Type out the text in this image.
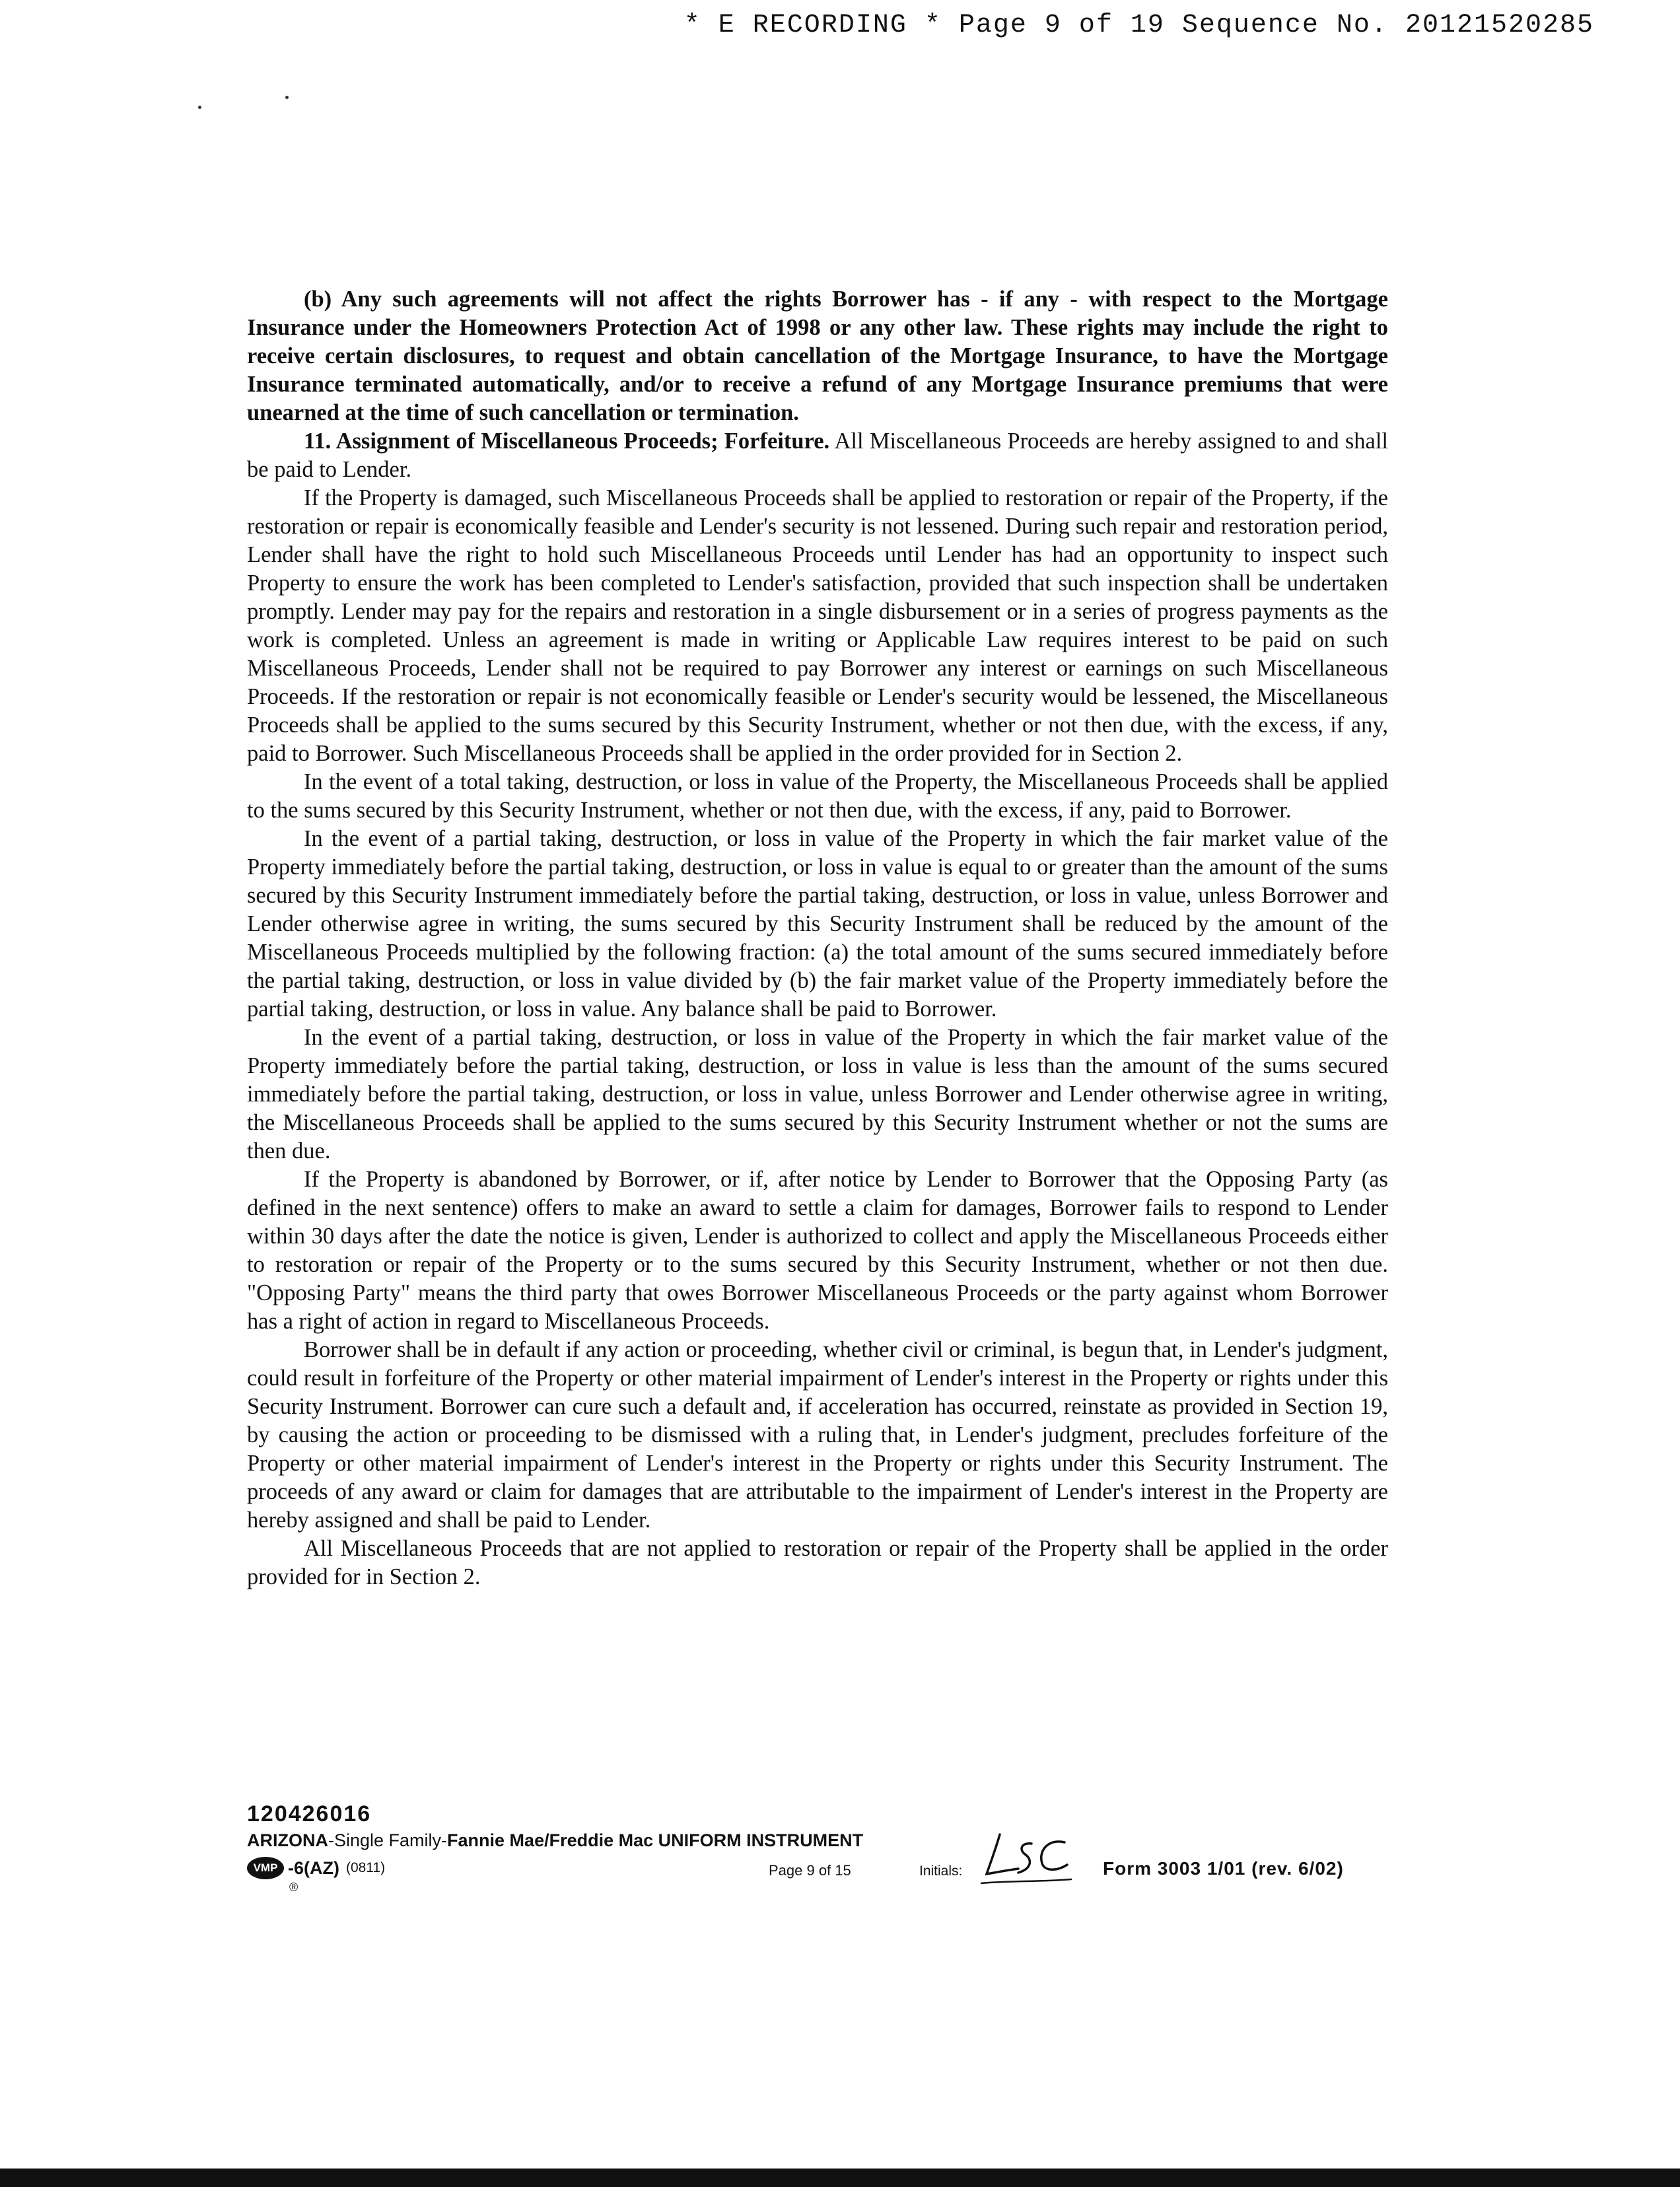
* E RECORDING * Page 9 of 19 Sequence No. 20121520285

(b) Any such agreements will not affect the rights Borrower has - if any - with respect to the Mortgage Insurance under the Homeowners Protection Act of 1998 or any other law. These rights may include the right to receive certain disclosures, to request and obtain cancellation of the Mortgage Insurance, to have the Mortgage Insurance terminated automatically, and/or to receive a refund of any Mortgage Insurance premiums that were unearned at the time of such cancellation or termination.

11. Assignment of Miscellaneous Proceeds; Forfeiture. All Miscellaneous Proceeds are hereby assigned to and shall be paid to Lender.

If the Property is damaged, such Miscellaneous Proceeds shall be applied to restoration or repair of the Property, if the restoration or repair is economically feasible and Lender's security is not lessened. During such repair and restoration period, Lender shall have the right to hold such Miscellaneous Proceeds until Lender has had an opportunity to inspect such Property to ensure the work has been completed to Lender's satisfaction, provided that such inspection shall be undertaken promptly. Lender may pay for the repairs and restoration in a single disbursement or in a series of progress payments as the work is completed. Unless an agreement is made in writing or Applicable Law requires interest to be paid on such Miscellaneous Proceeds, Lender shall not be required to pay Borrower any interest or earnings on such Miscellaneous Proceeds. If the restoration or repair is not economically feasible or Lender's security would be lessened, the Miscellaneous Proceeds shall be applied to the sums secured by this Security Instrument, whether or not then due, with the excess, if any, paid to Borrower. Such Miscellaneous Proceeds shall be applied in the order provided for in Section 2.

In the event of a total taking, destruction, or loss in value of the Property, the Miscellaneous Proceeds shall be applied to the sums secured by this Security Instrument, whether or not then due, with the excess, if any, paid to Borrower.

In the event of a partial taking, destruction, or loss in value of the Property in which the fair market value of the Property immediately before the partial taking, destruction, or loss in value is equal to or greater than the amount of the sums secured by this Security Instrument immediately before the partial taking, destruction, or loss in value, unless Borrower and Lender otherwise agree in writing, the sums secured by this Security Instrument shall be reduced by the amount of the Miscellaneous Proceeds multiplied by the following fraction: (a) the total amount of the sums secured immediately before the partial taking, destruction, or loss in value divided by (b) the fair market value of the Property immediately before the partial taking, destruction, or loss in value. Any balance shall be paid to Borrower.

In the event of a partial taking, destruction, or loss in value of the Property in which the fair market value of the Property immediately before the partial taking, destruction, or loss in value is less than the amount of the sums secured immediately before the partial taking, destruction, or loss in value, unless Borrower and Lender otherwise agree in writing, the Miscellaneous Proceeds shall be applied to the sums secured by this Security Instrument whether or not the sums are then due.

If the Property is abandoned by Borrower, or if, after notice by Lender to Borrower that the Opposing Party (as defined in the next sentence) offers to make an award to settle a claim for damages, Borrower fails to respond to Lender within 30 days after the date the notice is given, Lender is authorized to collect and apply the Miscellaneous Proceeds either to restoration or repair of the Property or to the sums secured by this Security Instrument, whether or not then due. "Opposing Party" means the third party that owes Borrower Miscellaneous Proceeds or the party against whom Borrower has a right of action in regard to Miscellaneous Proceeds.

Borrower shall be in default if any action or proceeding, whether civil or criminal, is begun that, in Lender's judgment, could result in forfeiture of the Property or other material impairment of Lender's interest in the Property or rights under this Security Instrument. Borrower can cure such a default and, if acceleration has occurred, reinstate as provided in Section 19, by causing the action or proceeding to be dismissed with a ruling that, in Lender's judgment, precludes forfeiture of the Property or other material impairment of Lender's interest in the Property or rights under this Security Instrument. The proceeds of any award or claim for damages that are attributable to the impairment of Lender's interest in the Property are hereby assigned and shall be paid to Lender.

All Miscellaneous Proceeds that are not applied to restoration or repair of the Property shall be applied in the order provided for in Section 2.

120426016
ARIZONA-Single Family-Fannie Mae/Freddie Mac UNIFORM INSTRUMENT
VMP -6(AZ) (0811)
®
Page 9 of 15	Initials:	Form 3003 1/01 (rev. 6/02)
